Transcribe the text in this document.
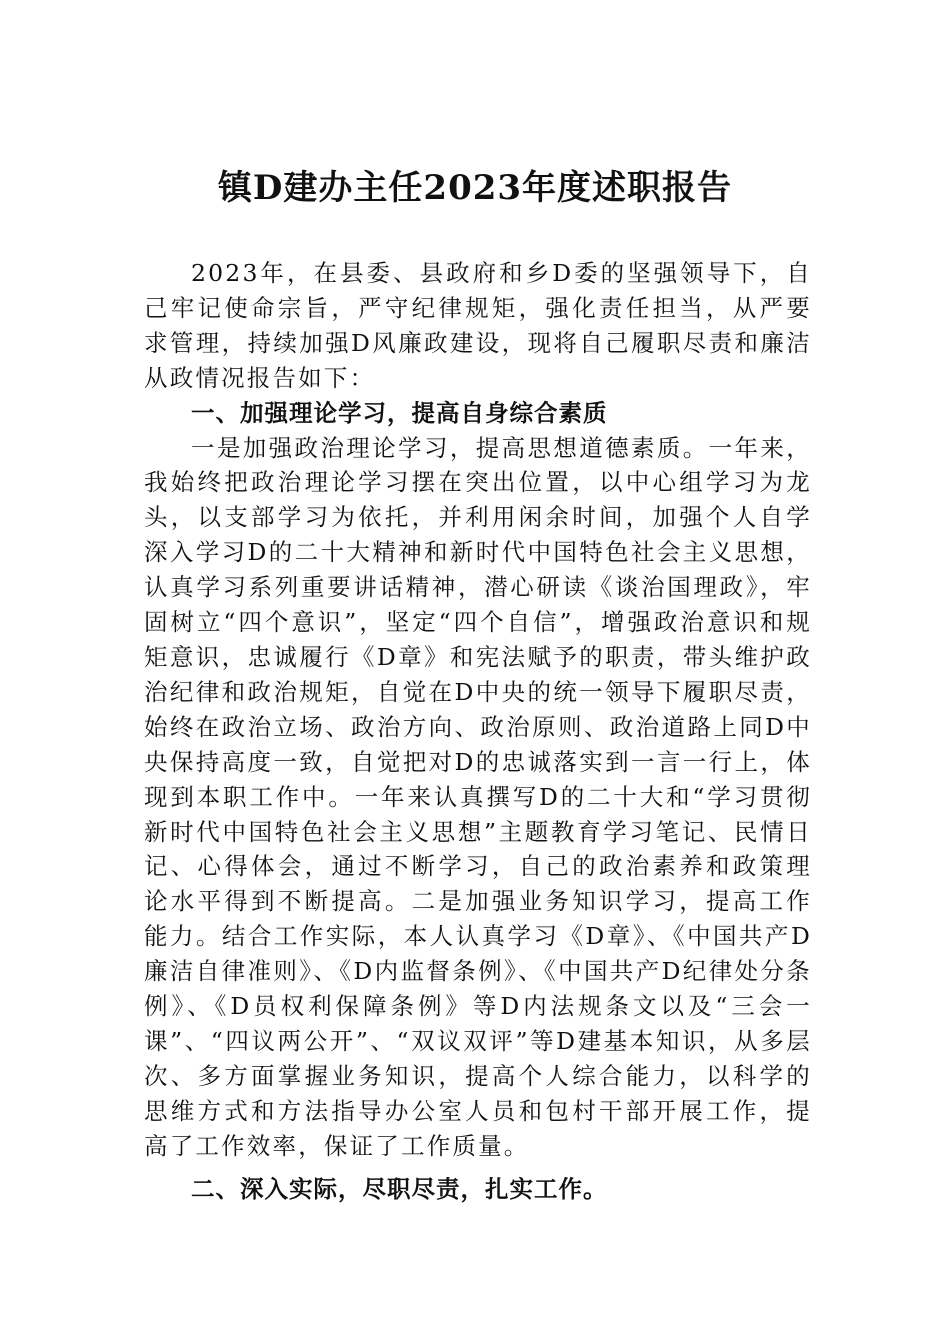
镇D建办主任2023年度述职报告

2023年，在县委、县政府和乡D委的坚强领导下，自己牢记使命宗旨，严守纪律规矩，强化责任担当，从严要求管理，持续加强D风廉政建设，现将自己履职尽责和廉洁从政情况报告如下：

一、加强理论学习，提高自身综合素质

一是加强政治理论学习，提高思想道德素质。一年来，我始终把政治理论学习摆在突出位置，以中心组学习为龙头，以支部学习为依托，并利用闲余时间，加强个人自学深入学习D的二十大精神和新时代中国特色社会主义思想，认真学习系列重要讲话精神，潜心研读《谈治国理政》，牢固树立“四个意识”，坚定“四个自信”，增强政治意识和规矩意识，忠诚履行《D章》和宪法赋予的职责，带头维护政治纪律和政治规矩，自觉在D中央的统一领导下履职尽责，始终在政治立场、政治方向、政治原则、政治道路上同D中央保持高度一致，自觉把对D的忠诚落实到一言一行上，体现到本职工作中。一年来认真撰写D的二十大和“学习贯彻新时代中国特色社会主义思想”主题教育学习笔记、民情日记、心得体会，通过不断学习，自己的政治素养和政策理论水平得到不断提高。二是加强业务知识学习，提高工作能力。结合工作实际，本人认真学习《D章》、《中国共产D廉洁自律准则》、《D内监督条例》、《中国共产D纪律处分条例》、《D员权利保障条例》等D内法规条文以及“三会一课”、“四议两公开”、“双议双评”等D建基本知识，从多层次、多方面掌握业务知识，提高个人综合能力，以科学的思维方式和方法指导办公室人员和包村干部开展工作，提高了工作效率，保证了工作质量。

二、深入实际，尽职尽责，扎实工作。
